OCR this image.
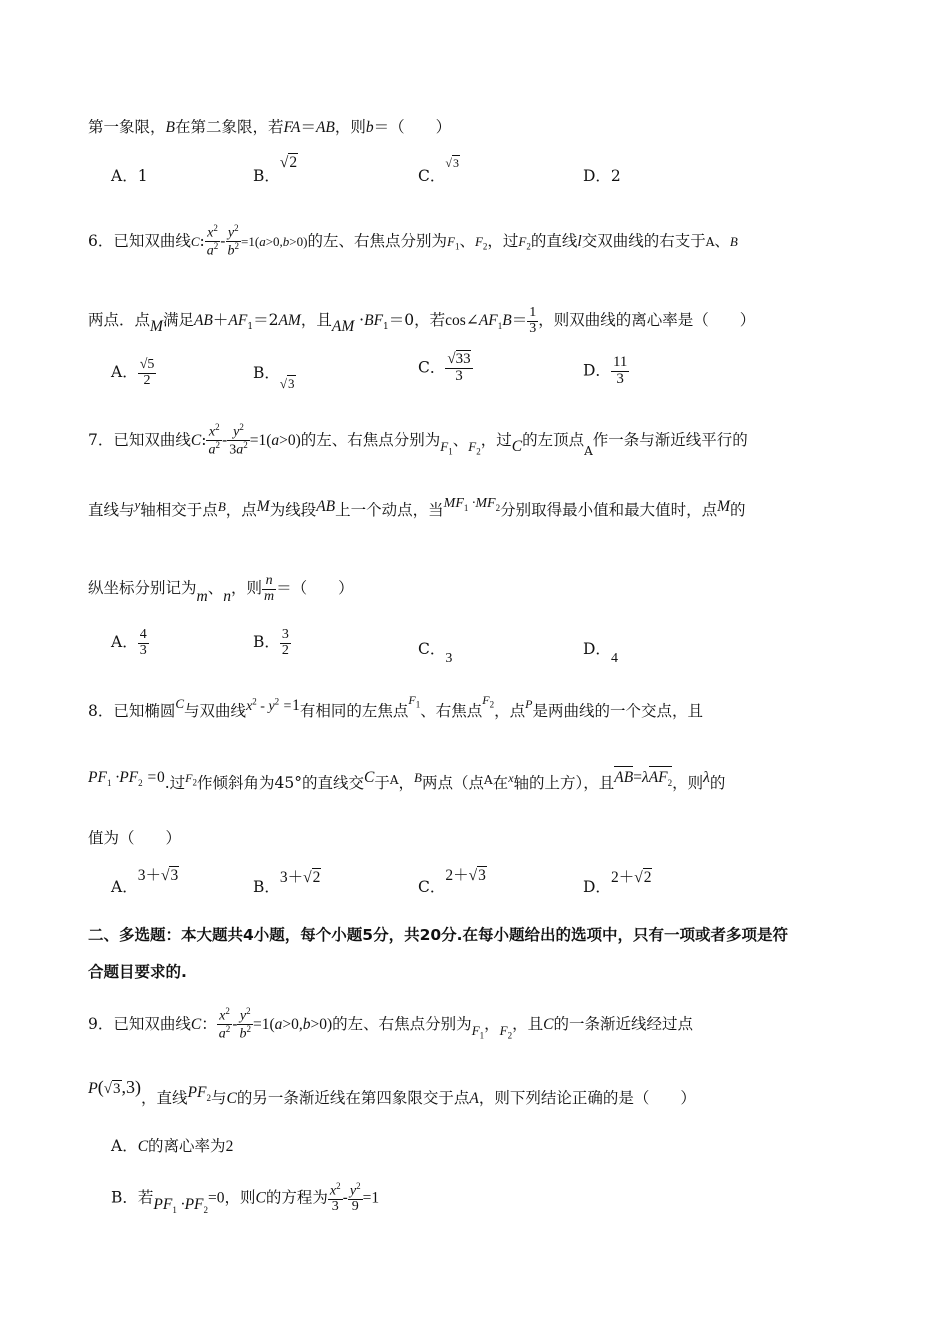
第一象限，B在第二象限，若FA＝AB，则b＝（　　）
A．1	B．√2
C．√3
D．2
6．已知双曲线C: $\frac{x^2}{a^2} - \frac{y^2}{b^2} =1(a>0,b>0)$的左、右焦点分别为$F_1$、$F_2$，过$F_2$的直线l交双曲线的右支于A、B
两点．点M满足$AB+AF_1=2AM$，且AM $\cdot BF_1=0$，若$\cos\angle AF_1B= \frac{1}{3}$ ，则双曲线的离心率是（　　）
A． $\frac{√5}{2}$	B．$_{√3}$
C． $\frac{√33}{3}$	D． $\frac{11}{3}$
7．已知双曲线C: $\frac{x^2}{a^2} - \frac{y^2}{3a^2} =1(a>0)$的左、右焦点分别为$_{F_1}$、$_{F_2}$，过C的左顶点$_A$作一条与渐近线平行的
直线与$^y$轴相交于点$^B$，点M为线段AB上一个动点，当$MF_1 \cdot MF_2$分别取得最小值和最大值时，点M的
纵坐标分别记为m、n，则 $\frac{n}{m}$ ＝（　　）
A． $\frac{4}{3}$	B． $\frac{3}{2}$	C．3
D．4
8．已知椭圆$^C$与双曲线$x^2 - y^2 =1$有相同的左焦点$^{F_1}$、右焦点$^{F_2}$，点$^P$是两曲线的一个交点，且
$PF_1 \cdot PF_2 =0$.过$^{F_2}$作倾斜角为45°的直线交C于$^A$，$^B$两点（点$^A$在$^x$轴的上方），且AB=λAF$_2$，则λ的
值为（　　）
A．3＋√3
B．3＋√2
C．2＋√3
D．2＋√2
二、多选题：本大题共4小题，每个小题5分，共20分.在每小题给出的选项中，只有一项或者多项是符
合题目要求的.
9．已知双曲线C： $\frac{x^2}{a^2} - \frac{y^2}{b^2} =1(a>0,b>0)$的左、右焦点分别为$_{F_1}$，$_{F_2}$，且C的一条渐近线经过点
P(√3,3)，直线$PF_2$与C的另一条渐近线在第四象限交于点A，则下列结论正确的是（　　）
A．C的离心率为2
B．若$PF_1 \cdot PF_2=0$，则C的方程为 $\frac{x^2}{3} - \frac{y^2}{9} =1$
